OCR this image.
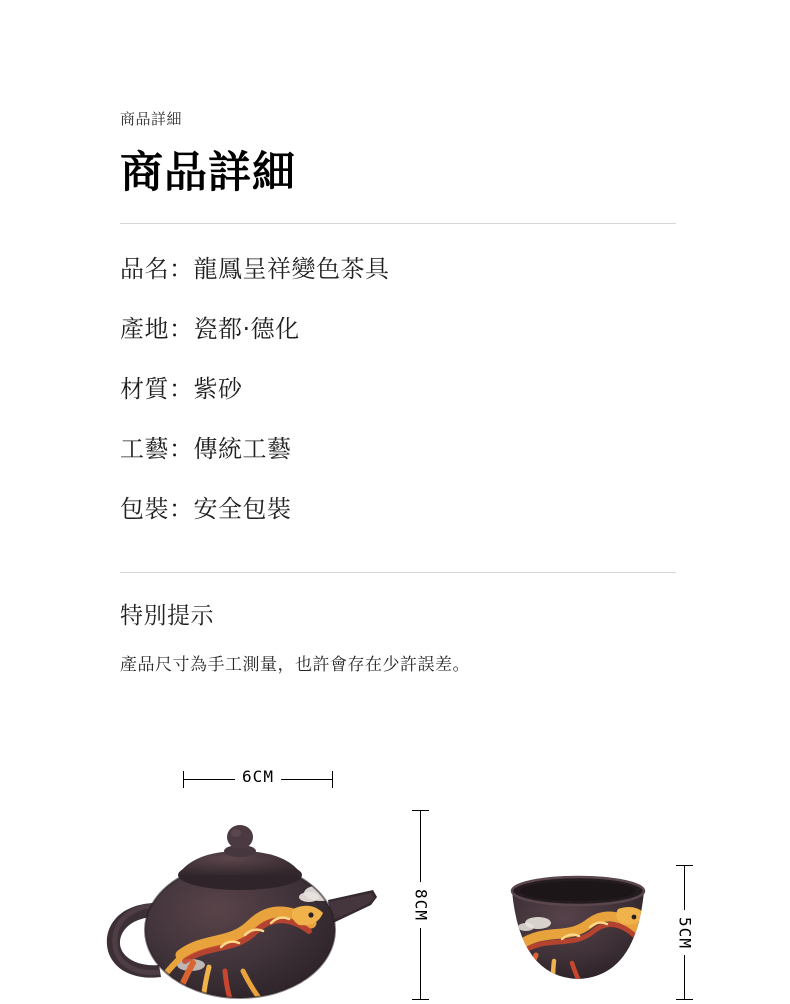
商品詳細
商品詳細
品名：龍鳳呈祥變色茶具
產地：瓷都·德化
材質：紫砂
工藝：傳統工藝
包裝：安全包裝
特別提示
產品尺寸為手工測量，也許會存在少許誤差。
6CM
8CM
5CM
